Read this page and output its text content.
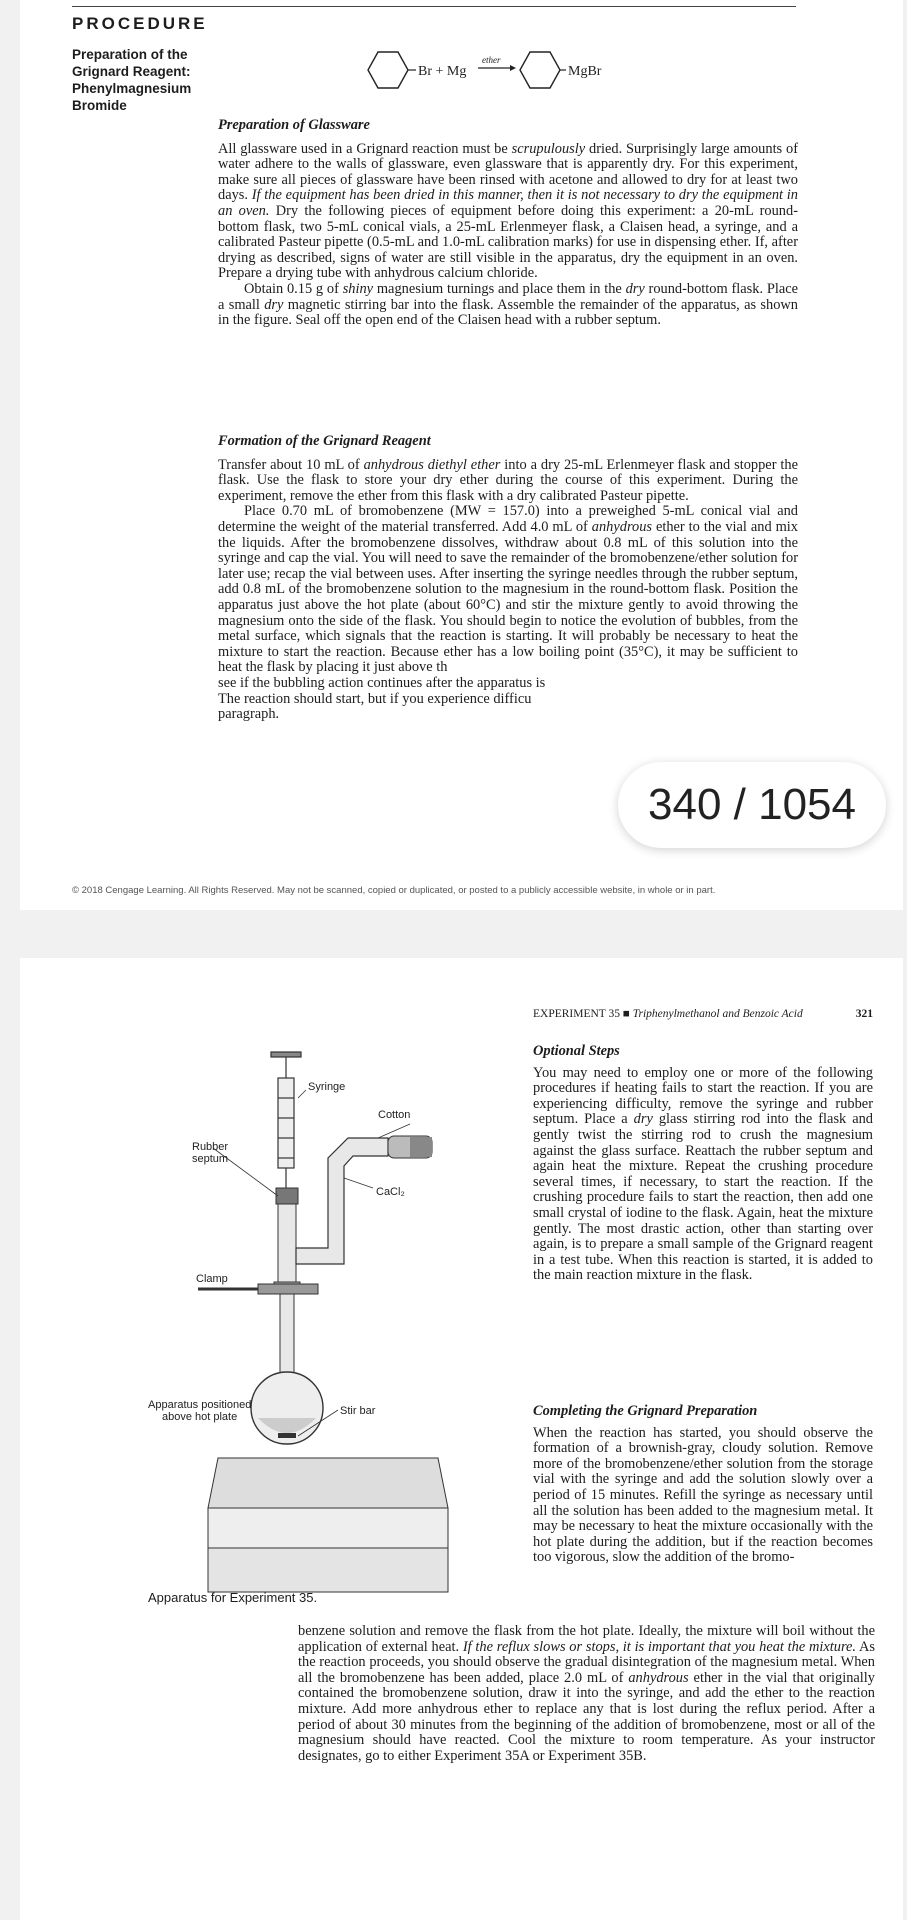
PROCEDURE
Preparation of the
Grignard Reagent:
Phenylmagnesium
Bromide
Br + Mg
ether
MgBr
Preparation of Glassware

All glassware used in a Grignard reaction must be scrupulously dried. Surprisingly large amounts of water adhere to the walls of glassware, even glassware that is apparently dry. For this experiment, make sure all pieces of glassware have been rinsed with acetone and allowed to dry for at least two days. If the equipment has been dried in this manner, then it is not necessary to dry the equipment in an oven. Dry the following pieces of equipment before doing this experiment: a 20-mL round-bottom flask, two 5-mL conical vials, a 25-mL Erlenmeyer flask, a Claisen head, a syringe, and a calibrated Pasteur pipette (0.5-mL and 1.0-mL calibration marks) for use in dispensing ether. If, after drying as described, signs of water are still visible in the apparatus, dry the equipment in an oven. Prepare a drying tube with anhydrous calcium chloride.

Obtain 0.15 g of shiny magnesium turnings and place them in the dry round-bottom flask. Place a small dry magnetic stirring bar into the flask. Assemble the remainder of the apparatus, as shown in the figure. Seal off the open end of the Claisen head with a rubber septum.

Formation of the Grignard Reagent

Transfer about 10 mL of anhydrous diethyl ether into a dry 25-mL Erlenmeyer flask and stopper the flask. Use the flask to store your dry ether during the course of this experiment. During the experiment, remove the ether from this flask with a dry calibrated Pasteur pipette.

Place 0.70 mL of bromobenzene (MW = 157.0) into a preweighed 5-mL conical vial and determine the weight of the material transferred. Add 4.0 mL of anhydrous ether to the vial and mix the liquids. After the bromobenzene dissolves, withdraw about 0.8 mL of this solution into the syringe and cap the vial. You will need to save the remainder of the bromobenzene/ether solution for later use; recap the vial between uses. After inserting the syringe needles through the rubber septum, add 0.8 mL of the bromobenzene solution to the magnesium in the round-bottom flask. Position the apparatus just above the hot plate (about 60°C) and stir the mixture gently to avoid throwing the magnesium onto the side of the flask. You should begin to notice the evolution of bubbles, from the metal surface, which signals that the reaction is starting. It will probably be necessary to heat the mixture to start the reaction. Because ether has a low boiling point (35°C), it may be sufficient to heat the flask by placing it just above th

see if the bubbling action continues after the apparatus is

The reaction should start, but if you experience difficu

paragraph.

© 2018 Cengage Learning. All Rights Reserved. May not be scanned, copied or duplicated, or posted to a publicly accessible website, in whole or in part.
340 / 1054
EXPERIMENT 35 ■ Triphenylmethanol and Benzoic Acid	321
Syringe
Cotton
Rubber
septum
CaCl₂
Clamp
Apparatus positioned
above hot plate	Stir bar
Apparatus for Experiment 35.
Optional Steps

You may need to employ one or more of the following procedures if heating fails to start the reaction. If you are experiencing difficulty, remove the syringe and rubber septum. Place a dry glass stirring rod into the flask and gently twist the stirring rod to crush the magnesium against the glass surface. Reattach the rubber septum and again heat the mixture. Repeat the crushing procedure several times, if necessary, to start the reaction. If the crushing procedure fails to start the reaction, then add one small crystal of iodine to the flask. Again, heat the mixture gently. The most drastic action, other than starting over again, is to prepare a small sample of the Grignard reagent in a test tube. When this reaction is started, it is added to the main reaction mixture in the flask.

Completing the Grignard Preparation

When the reaction has started, you should observe the formation of a brownish-gray, cloudy solution. Remove more of the bromobenzene/ether solution from the storage vial with the syringe and add the solution slowly over a period of 15 minutes. Refill the syringe as necessary until all the solution has been added to the magnesium metal. It may be necessary to heat the mixture occasionally with the hot plate during the addition, but if the reaction becomes too vigorous, slow the addition of the bromo-

benzene solution and remove the flask from the hot plate. Ideally, the mixture will boil without the application of external heat. If the reflux slows or stops, it is important that you heat the mixture. As the reaction proceeds, you should observe the gradual disintegration of the magnesium metal. When all the bromobenzene has been added, place 2.0 mL of anhydrous ether in the vial that originally contained the bromobenzene solution, draw it into the syringe, and add the ether to the reaction mixture. Add more anhydrous ether to replace any that is lost during the reflux period. After a period of about 30 minutes from the beginning of the addition of bromobenzene, most or all of the magnesium should have reacted. Cool the mixture to room temperature. As your instructor designates, go to either Experiment 35A or Experiment 35B.
